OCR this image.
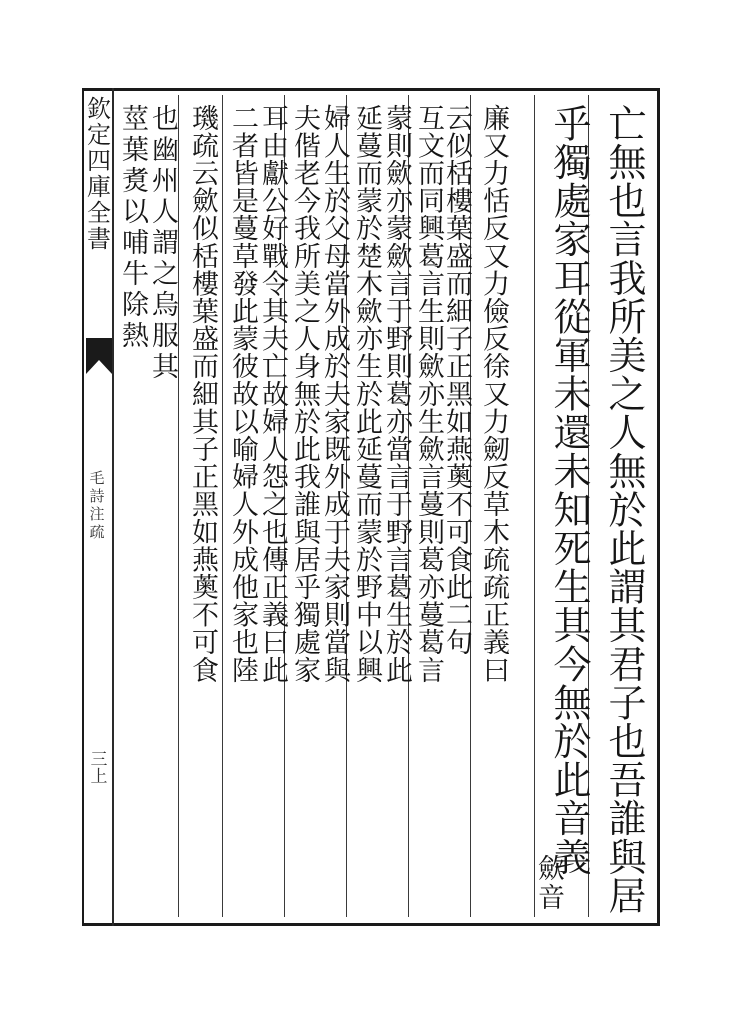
欽定四庫全書
毛詩注疏
三上	亡無也言我所美之人無於此謂其君子也吾誰與居
乎獨處家耳從軍未還未知死生其今無於此音義
歛音
廉又力恬反又力儉反徐又力劒反草木疏疏正義曰
云似栝樓葉盛而細子正黑如燕薁不可食此二句
互文而同興葛言生則歛亦生歛言蔓則葛亦蔓葛言
蒙則歛亦蒙歛言于野則葛亦當言于野言葛生於此
延蔓而蒙於楚木歛亦生於此延蔓而蒙於野中以興
婦人生於父母當外成於夫家既外成于夫家則當與
夫偕老今我所美之人身無於此我誰與居乎獨處家
耳由獻公好戰令其夫亡故婦人怨之也傳正義曰此
二者皆是蔓草發此蒙彼故以喻婦人外成他家也陸
璣疏云歛似栝樓葉盛而細其子正黑如燕薁不可食
也幽州人謂之烏服其
莖葉煑以哺牛除熱
